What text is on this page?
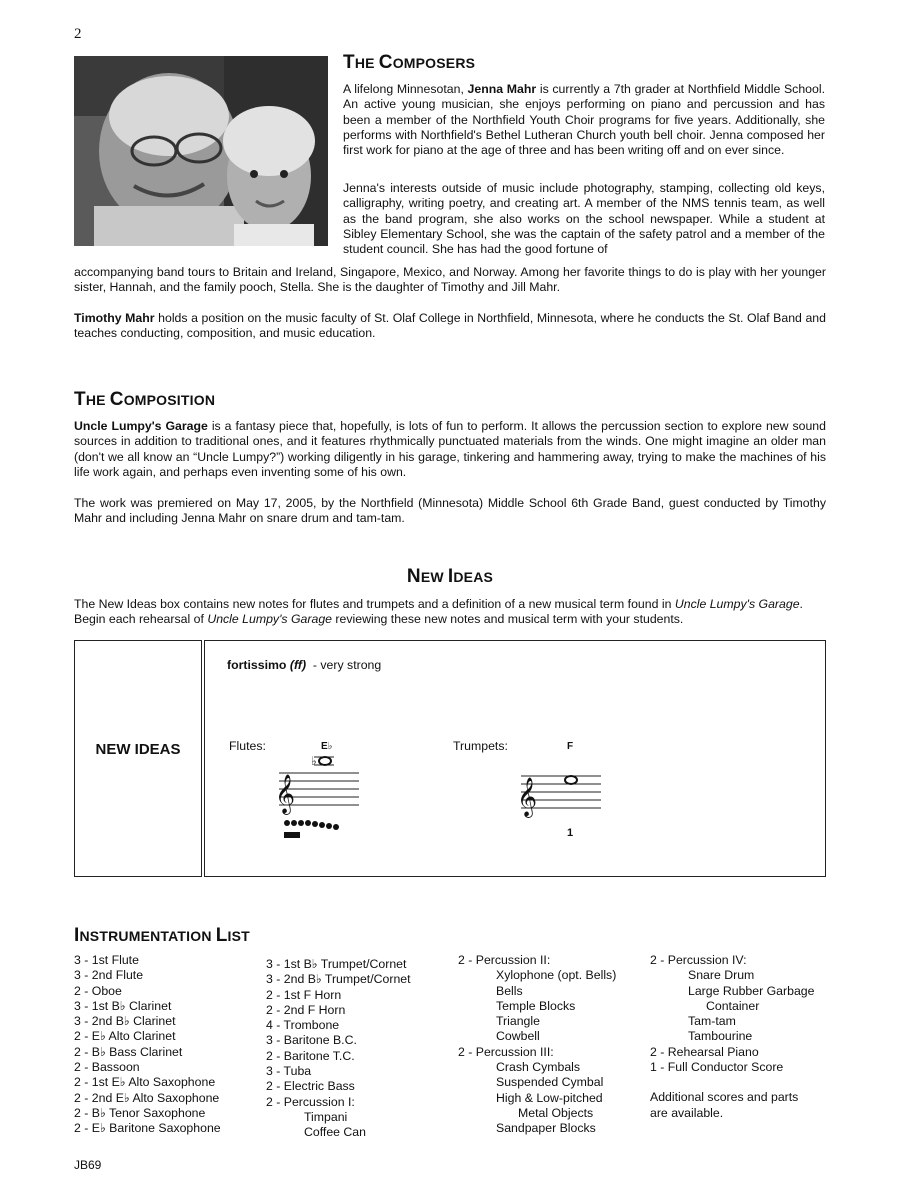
2
THE COMPOSERS

A lifelong Minnesotan, Jenna Mahr is currently a 7th grader at Northfield Middle School. An active young musician, she enjoys performing on piano and percussion and has been a member of the Northfield Youth Choir programs for five years. Additionally, she performs with Northfield's Bethel Lutheran Church youth bell choir. Jenna composed her first work for piano at the age of three and has been writing off and on ever since.

Jenna's interests outside of music include photography, stamping, collecting old keys, calligraphy, writing poetry, and creating art. A member of the NMS tennis team, as well as the band program, she also works on the school newspaper. While a student at Sibley Elementary School, she was the captain of the safety patrol and a member of the student council. She has had the good fortune of

accompanying band tours to Britain and Ireland, Singapore, Mexico, and Norway. Among her favorite things to do is play with her younger sister, Hannah, and the family pooch, Stella. She is the daughter of Timothy and Jill Mahr.

Timothy Mahr holds a position on the music faculty of St. Olaf College in Northfield, Minnesota, where he conducts the St. Olaf Band and teaches conducting, composition, and music education.

THE COMPOSITION

Uncle Lumpy's Garage is a fantasy piece that, hopefully, is lots of fun to perform. It allows the percussion section to explore new sound sources in addition to traditional ones, and it features rhythmically punctuated materials from the winds. One might imagine an older man (don't we all know an “Uncle Lumpy?”) working diligently in his garage, tinkering and hammering away, trying to make the machines of his life work again, and perhaps even inventing some of his own.

The work was premiered on May 17, 2005, by the Northfield (Minnesota) Middle School 6th Grade Band, guest conducted by Timothy Mahr and including Jenna Mahr on snare drum and tam-tam.

NEW IDEAS

The New Ideas box contains new notes for flutes and trumpets and a definition of a new musical term found in Uncle Lumpy's Garage. Begin each rehearsal of Uncle Lumpy's Garage reviewing these new notes and musical term with your students.

NEW IDEAS
fortissimo (ff) - very strong
Flutes:	E♭
𝄞
♭
Trumpets:	F
𝄞
1
INSTRUMENTATION LIST
3 - 1st Flute
3 - 2nd Flute
2 - Oboe
3 - 1st B♭ Clarinet
3 - 2nd B♭ Clarinet
2 - E♭ Alto Clarinet
2 - B♭ Bass Clarinet
2 - Bassoon
2 - 1st E♭ Alto Saxophone
2 - 2nd E♭ Alto Saxophone
2 - B♭ Tenor Saxophone
2 - E♭ Baritone Saxophone
3 - 1st B♭ Trumpet/Cornet
3 - 2nd B♭ Trumpet/Cornet
2 - 1st F Horn
2 - 2nd F Horn
4 - Trombone
3 - Baritone B.C.
2 - Baritone T.C.
3 - Tuba
2 - Electric Bass
2 - Percussion I:
Timpani
Coffee Can
2 - Percussion II:
Xylophone (opt. Bells)
Bells
Temple Blocks
Triangle
Cowbell
2 - Percussion III:
Crash Cymbals
Suspended Cymbal
High & Low-pitched
Metal Objects
Sandpaper Blocks
2 - Percussion IV:
Snare Drum
Large Rubber Garbage
Container
Tam-tam
Tambourine
2 - Rehearsal Piano
1 - Full Conductor Score
Additional scores and parts
are available.
JB69
